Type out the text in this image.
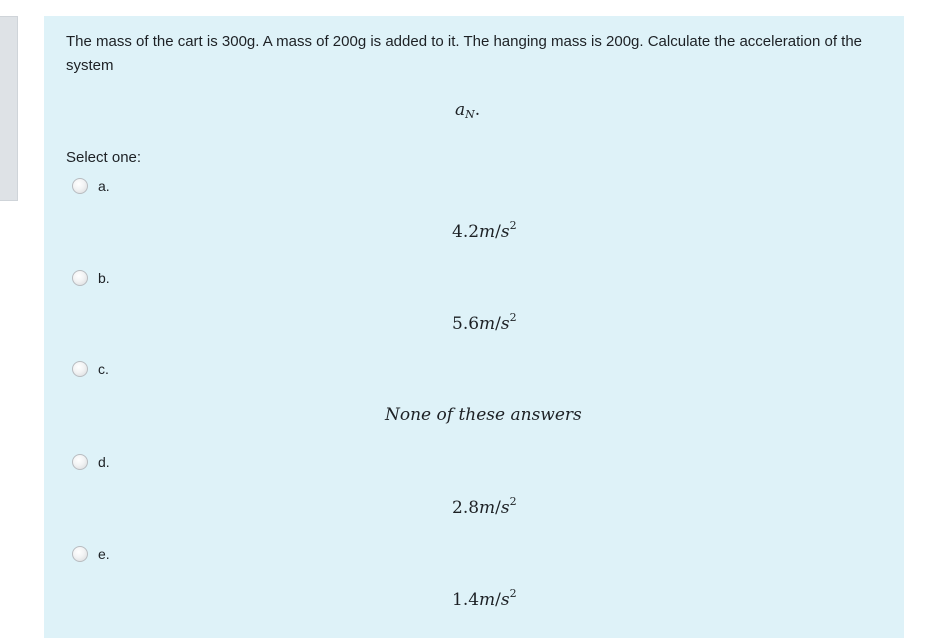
The mass of the cart is 300g. A mass of 200g is added to it. The hanging mass is 200g. Calculate the acceleration of the system
$a_N$.
Select one:
a.
$4.2m/s^2$
b.
$5.6m/s^2$
c.
None of these answers
d.
$2.8m/s^2$
e.
$1.4m/s^2$
